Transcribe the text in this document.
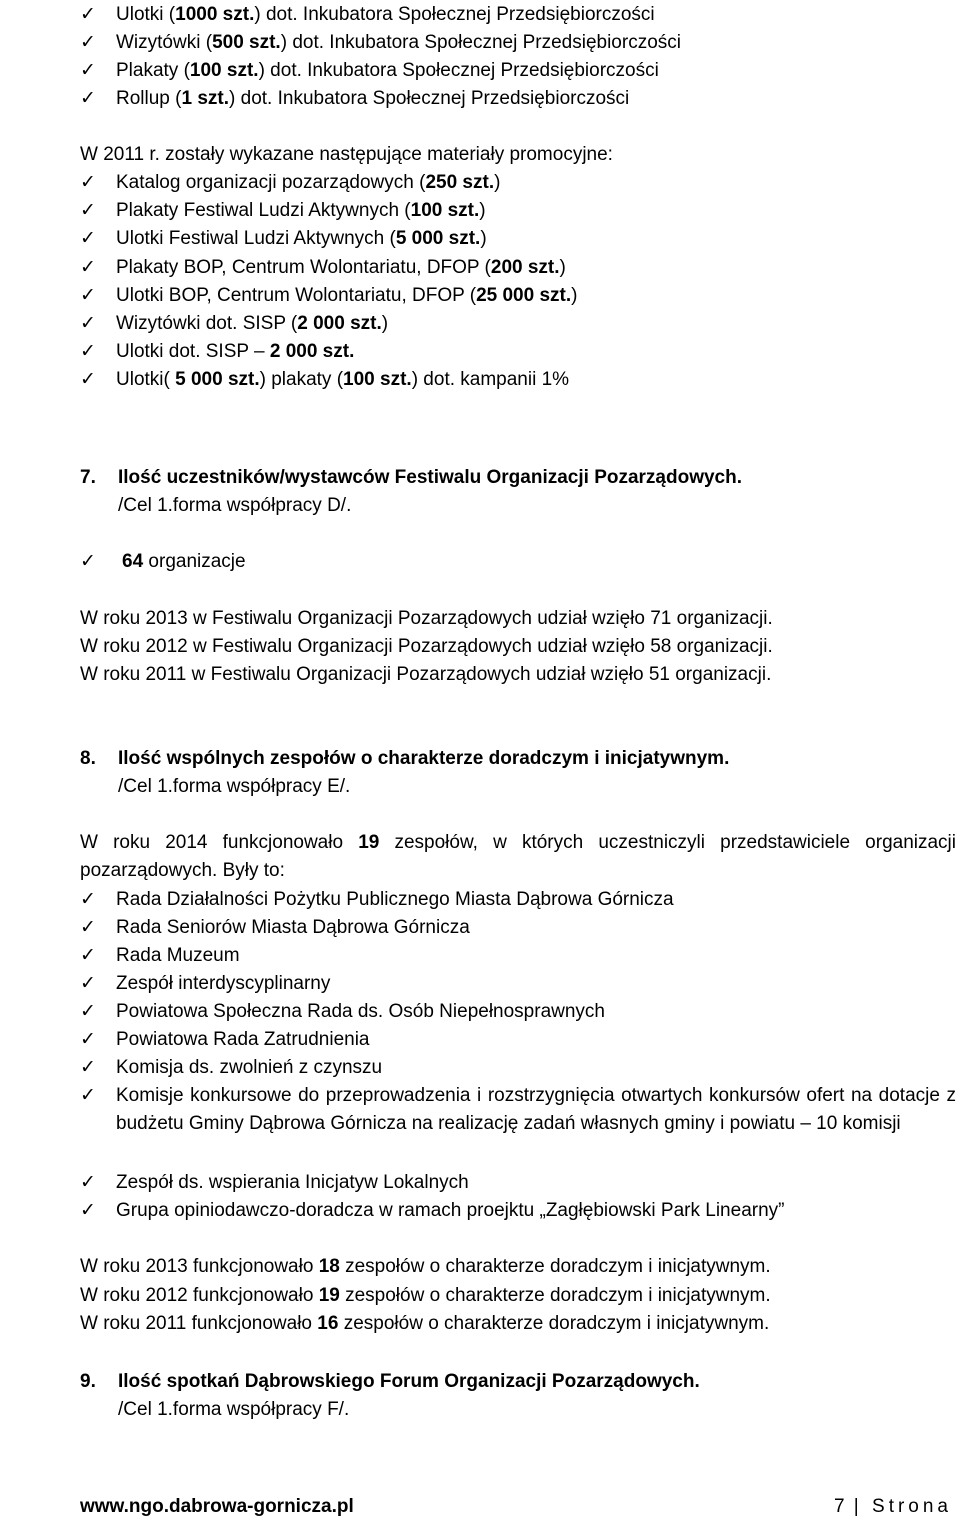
✓	Ulotki (1000 szt.) dot. Inkubatora Społecznej Przedsiębiorczości
✓	Wizytówki (500 szt.) dot. Inkubatora Społecznej Przedsiębiorczości
✓	Plakaty (100 szt.) dot. Inkubatora Społecznej Przedsiębiorczości
✓	Rollup (1 szt.) dot. Inkubatora Społecznej Przedsiębiorczości
W 2011 r. zostały wykazane następujące materiały promocyjne:
✓	Katalog organizacji pozarządowych (250 szt.)
✓	Plakaty Festiwal Ludzi Aktywnych (100 szt.)
✓	Ulotki Festiwal Ludzi Aktywnych (5 000 szt.)
✓	Plakaty BOP, Centrum Wolontariatu, DFOP (200 szt.)
✓	Ulotki BOP, Centrum Wolontariatu, DFOP (25 000 szt.)
✓	Wizytówki dot. SISP (2 000 szt.)
✓	Ulotki dot. SISP – 2 000 szt.
✓	Ulotki( 5 000 szt.) plakaty (100 szt.) dot. kampanii 1%
7. Ilość uczestników/wystawców Festiwalu Organizacji Pozarządowych.
/Cel 1.forma współpracy D/.
✓	64 organizacje
W roku 2013 w Festiwalu Organizacji Pozarządowych udział wzięło 71 organizacji.
W roku 2012 w Festiwalu Organizacji Pozarządowych udział wzięło 58 organizacji.
W roku 2011 w Festiwalu Organizacji Pozarządowych udział wzięło 51 organizacji.
8. Ilość wspólnych zespołów o charakterze doradczym i inicjatywnym.
/Cel 1.forma współpracy E/.
W roku 2014 funkcjonowało 19 zespołów, w których uczestniczyli przedstawiciele organizacji pozarządowych. Były to:
✓	Rada Działalności Pożytku Publicznego Miasta Dąbrowa Górnicza
✓	Rada Seniorów Miasta Dąbrowa Górnicza
✓	Rada Muzeum
✓	Zespół interdyscyplinarny
✓	Powiatowa Społeczna Rada ds. Osób Niepełnosprawnych
✓	Powiatowa Rada Zatrudnienia
✓	Komisja ds. zwolnień z czynszu
✓	Komisje konkursowe do przeprowadzenia i rozstrzygnięcia otwartych konkursów ofert na dotacje z budżetu Gminy Dąbrowa Górnicza na realizację zadań własnych gminy i powiatu – 10 komisji
✓	Zespół ds. wspierania Inicjatyw Lokalnych
✓	Grupa opiniodawczo-doradcza w ramach proejktu „Zagłębiowski Park Linearny”
W roku 2013 funkcjonowało 18 zespołów o charakterze doradczym i inicjatywnym.
W roku 2012 funkcjonowało 19 zespołów o charakterze doradczym i inicjatywnym.
W roku 2011 funkcjonowało 16 zespołów o charakterze doradczym i inicjatywnym.
9. Ilość spotkań Dąbrowskiego Forum Organizacji Pozarządowych.
/Cel 1.forma współpracy F/.
www.ngo.dabrowa-gornicza.pl	7 | Strona
